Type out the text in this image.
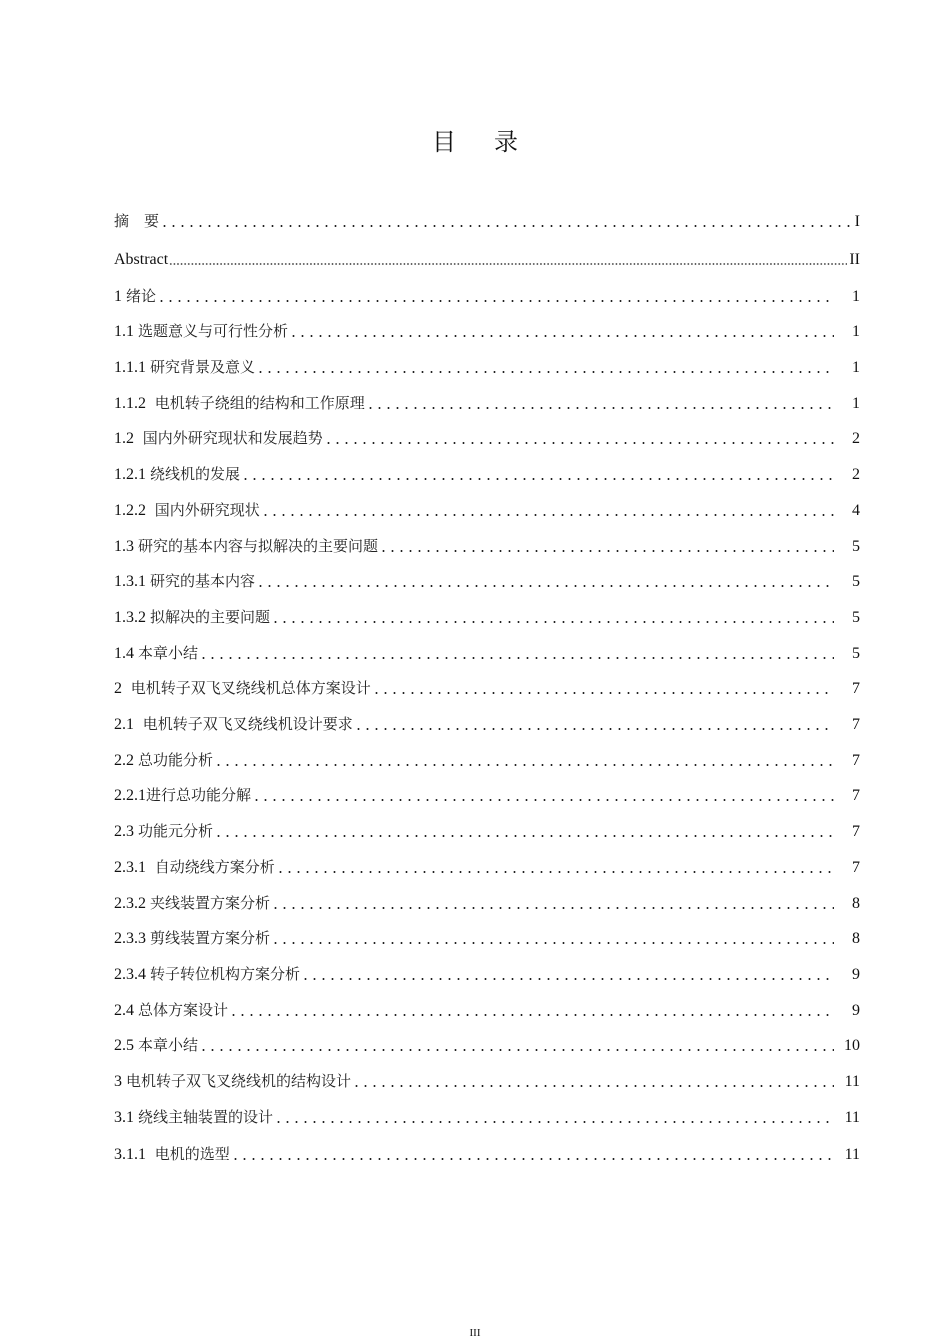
目 录
摘　要	I
Abstract	II
1 绪论	1
1.1 选题意义与可行性分析	1
1.1.1 研究背景及意义	1
1.1.2  电机转子绕组的结构和工作原理	1
1.2  国内外研究现状和发展趋势	2
1.2.1 绕线机的发展	2
1.2.2  国内外研究现状	4
1.3 研究的基本内容与拟解决的主要问题	5
1.3.1 研究的基本内容	5
1.3.2 拟解决的主要问题	5
1.4 本章小结	5
2  电机转子双飞叉绕线机总体方案设计	7
2.1  电机转子双飞叉绕线机设计要求	7
2.2 总功能分析	7
2.2.1进行总功能分解	7
2.3 功能元分析	7
2.3.1  自动绕线方案分析	7
2.3.2 夹线装置方案分析	8
2.3.3 剪线装置方案分析	8
2.3.4 转子转位机构方案分析	9
2.4 总体方案设计	9
2.5 本章小结	10
3 电机转子双飞叉绕线机的结构设计	11
3.1 绕线主轴装置的设计	11
3.1.1  电机的选型	11
III
